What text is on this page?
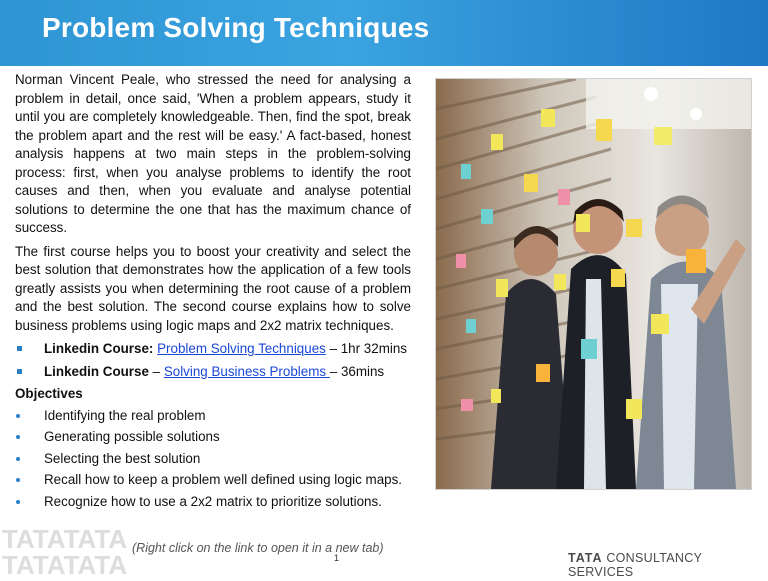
Problem Solving Techniques

Norman Vincent Peale, who stressed the need for analysing a problem in detail, once said, 'When a problem appears, study it until you are completely knowledgeable. Then, find the spot, break the problem apart and the rest will be easy.' A fact-based, honest analysis happens at two main steps in the problem-solving process: first, when you analyse problems to identify the root causes and then, when you evaluate and analyse potential solutions to determine the one that has the maximum chance of success.

The first course helps you to boost your creativity and select the best solution that demonstrates how the application of a few tools greatly assists you when determining the root cause of a problem and the best solution. The second course explains how to solve business problems using logic maps and 2x2 matrix techniques.

Linkedin Course: Problem Solving Techniques – 1hr 32mins
Linkedin Course – Solving Business Problems – 36mins
Objectives
Identifying the real problem
Generating possible solutions
Selecting the best solution
Recall how to keep a problem well defined using logic maps.
Recognize how to use a 2x2 matrix to prioritize solutions.
TATATATA
TATATATA
(Right click on the link to open it in a new tab)
1	TATA CONSULTANCY SERVICES
